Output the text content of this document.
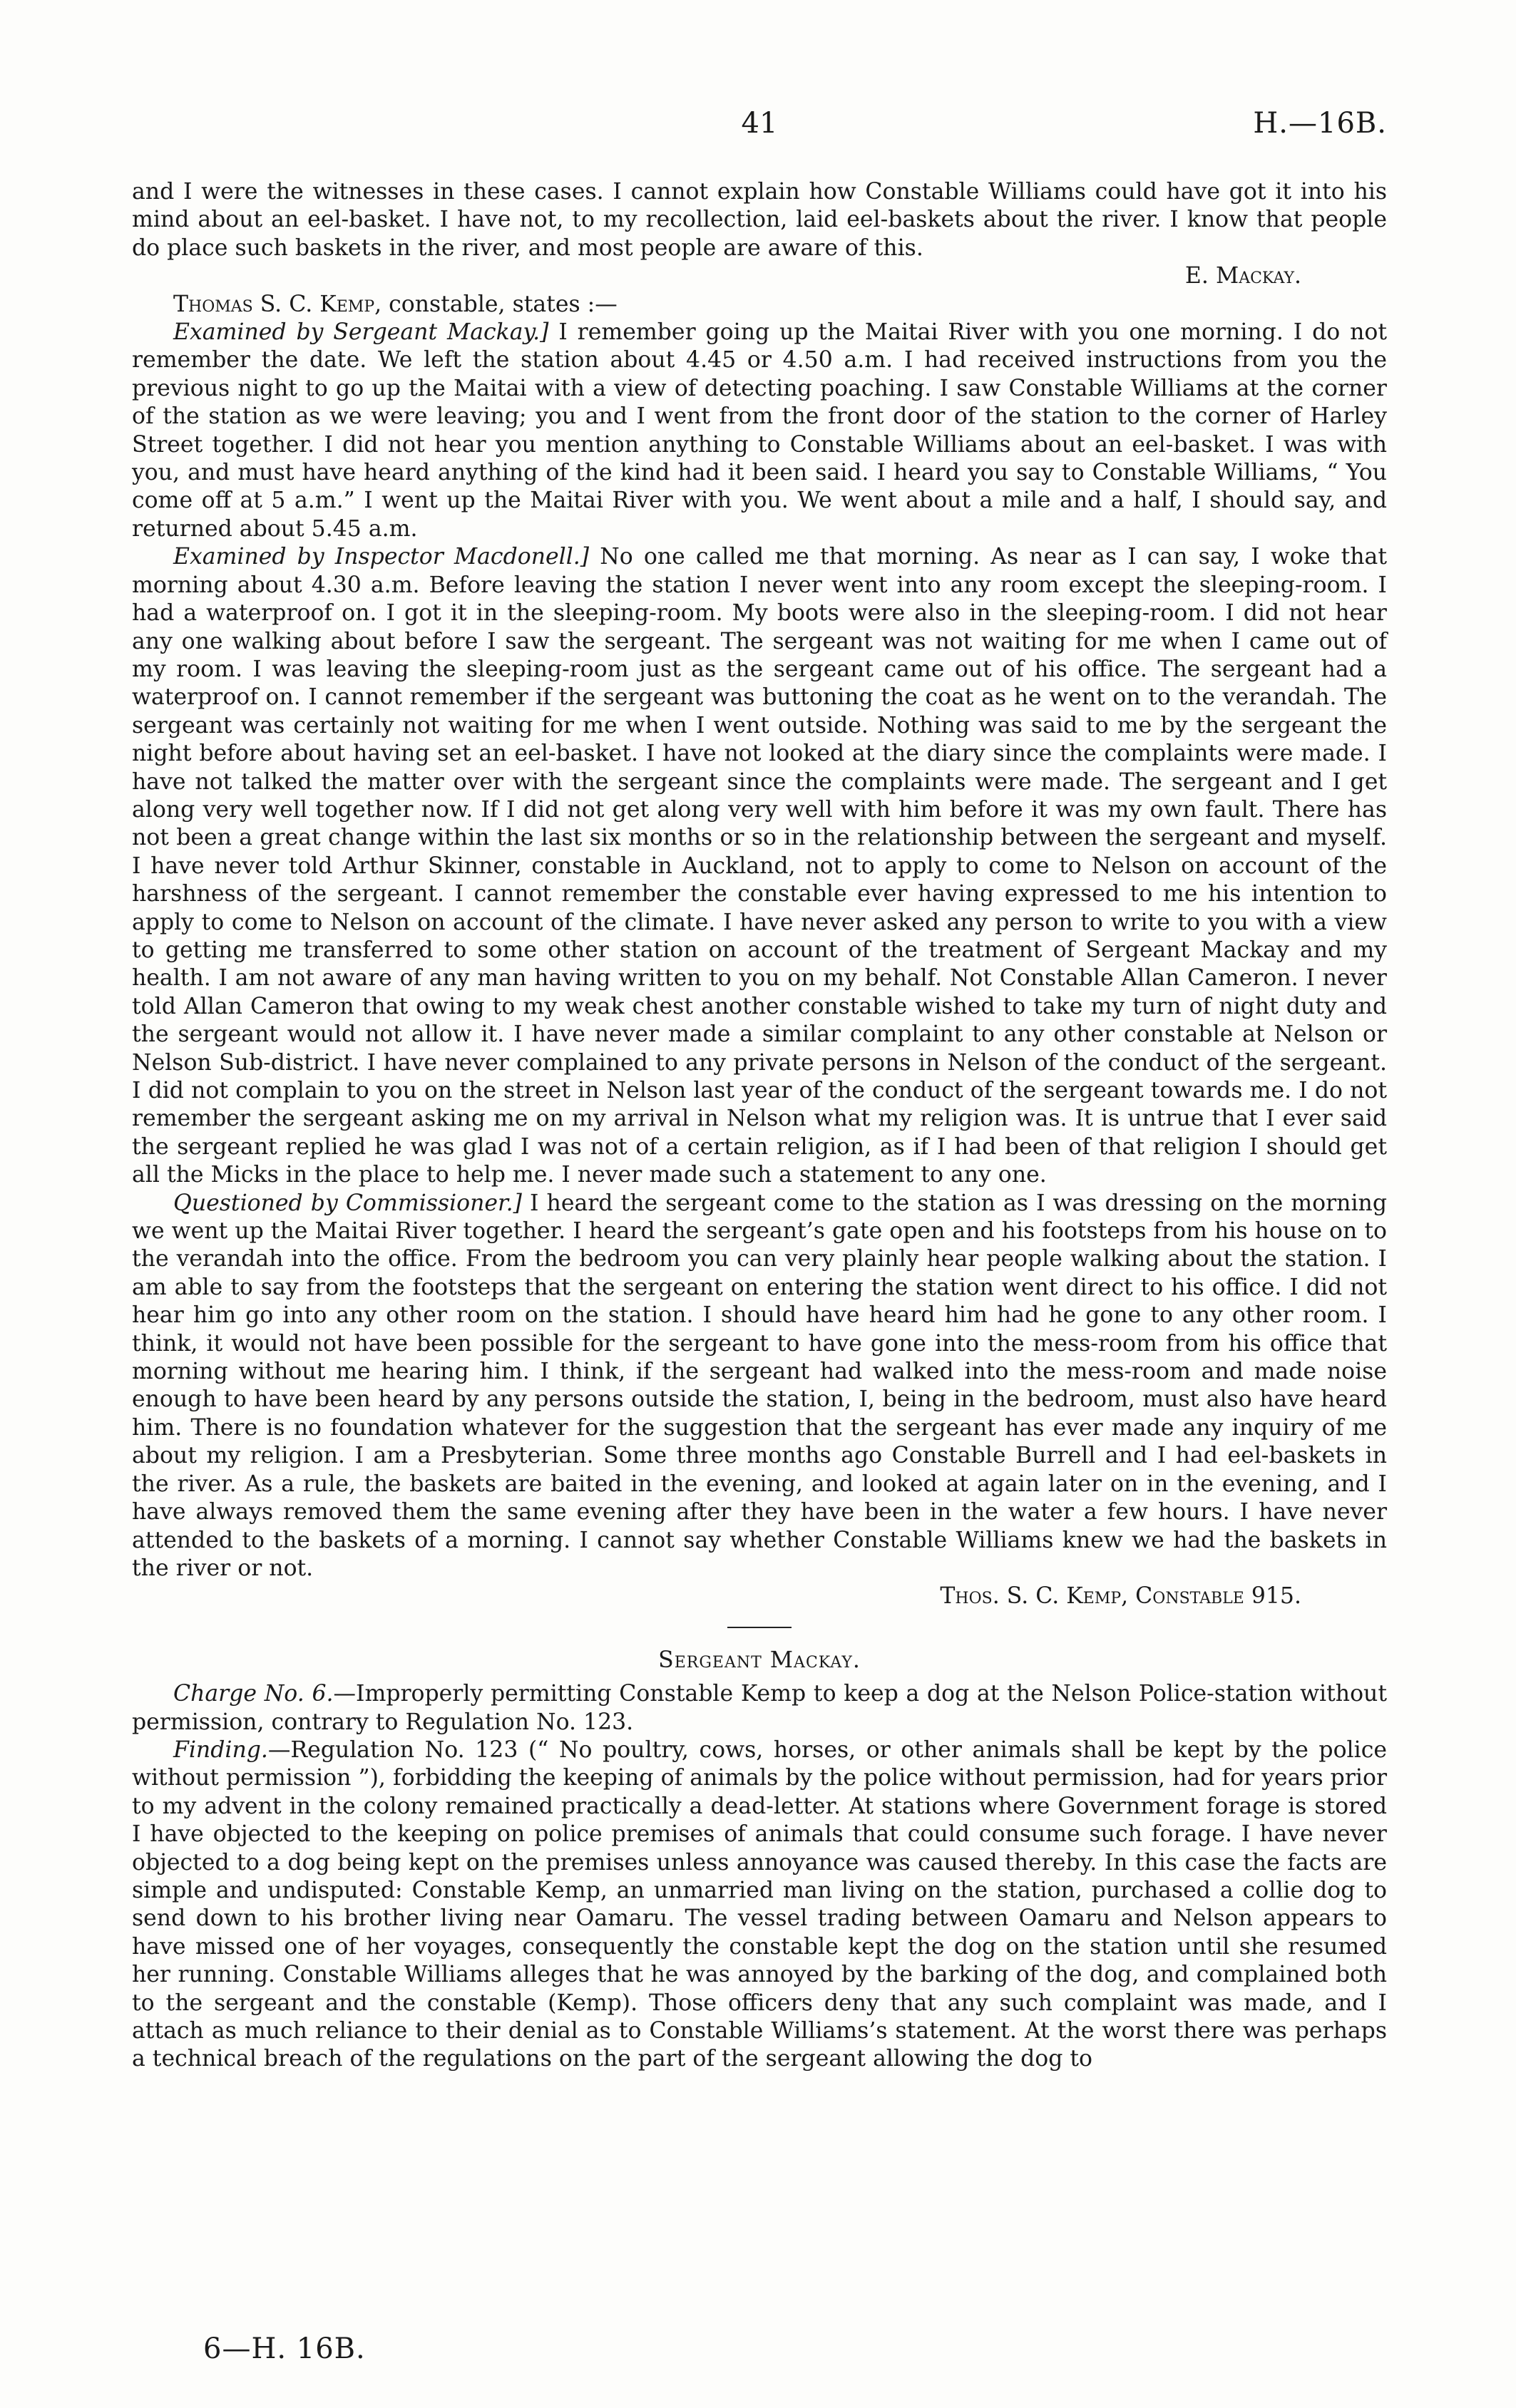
41	H.—16B.

and I were the witnesses in these cases. I cannot explain how Constable Williams could have got it into his mind about an eel-basket. I have not, to my recollection, laid eel-baskets about the river. I know that people do place such baskets in the river, and most people are aware of this.

E. Mackay.

Thomas S. C. Kemp, constable, states :—

Examined by Sergeant Mackay.] I remember going up the Maitai River with you one morning. I do not remember the date. We left the station about 4.45 or 4.50 a.m. I had received instructions from you the previous night to go up the Maitai with a view of detecting poaching. I saw Constable Williams at the corner of the station as we were leaving; you and I went from the front door of the station to the corner of Harley Street together. I did not hear you mention anything to Constable Williams about an eel-basket. I was with you, and must have heard anything of the kind had it been said. I heard you say to Constable Williams, “ You come off at 5 a.m.” I went up the Maitai River with you. We went about a mile and a half, I should say, and returned about 5.45 a.m.

Examined by Inspector Macdonell.] No one called me that morning. As near as I can say, I woke that morning about 4.30 a.m. Before leaving the station I never went into any room except the sleeping-room. I had a waterproof on. I got it in the sleeping-room. My boots were also in the sleeping-room. I did not hear any one walking about before I saw the sergeant. The sergeant was not waiting for me when I came out of my room. I was leaving the sleeping-room just as the sergeant came out of his office. The sergeant had a waterproof on. I cannot remember if the sergeant was buttoning the coat as he went on to the verandah. The sergeant was certainly not waiting for me when I went outside. Nothing was said to me by the sergeant the night before about having set an eel-basket. I have not looked at the diary since the complaints were made. I have not talked the matter over with the sergeant since the complaints were made. The sergeant and I get along very well together now. If I did not get along very well with him before it was my own fault. There has not been a great change within the last six months or so in the relationship between the sergeant and myself. I have never told Arthur Skinner, constable in Auckland, not to apply to come to Nelson on account of the harshness of the sergeant. I cannot remember the constable ever having expressed to me his intention to apply to come to Nelson on account of the climate. I have never asked any person to write to you with a view to getting me transferred to some other station on account of the treatment of Sergeant Mackay and my health. I am not aware of any man having written to you on my behalf. Not Constable Allan Cameron. I never told Allan Cameron that owing to my weak chest another constable wished to take my turn of night duty and the sergeant would not allow it. I have never made a similar complaint to any other constable at Nelson or Nelson Sub-district. I have never complained to any private persons in Nelson of the conduct of the sergeant. I did not complain to you on the street in Nelson last year of the conduct of the sergeant towards me. I do not remember the sergeant asking me on my arrival in Nelson what my religion was. It is untrue that I ever said the sergeant replied he was glad I was not of a certain religion, as if I had been of that religion I should get all the Micks in the place to help me. I never made such a statement to any one.

Questioned by Commissioner.] I heard the sergeant come to the station as I was dressing on the morning we went up the Maitai River together. I heard the sergeant’s gate open and his footsteps from his house on to the verandah into the office. From the bedroom you can very plainly hear people walking about the station. I am able to say from the footsteps that the sergeant on entering the station went direct to his office. I did not hear him go into any other room on the station. I should have heard him had he gone to any other room. I think, it would not have been possible for the sergeant to have gone into the mess-room from his office that morning without me hearing him. I think, if the sergeant had walked into the mess-room and made noise enough to have been heard by any persons outside the station, I, being in the bedroom, must also have heard him. There is no foundation whatever for the suggestion that the sergeant has ever made any inquiry of me about my religion. I am a Presbyterian. Some three months ago Constable Burrell and I had eel-baskets in the river. As a rule, the baskets are baited in the evening, and looked at again later on in the evening, and I have always removed them the same evening after they have been in the water a few hours. I have never attended to the baskets of a morning. I cannot say whether Constable Williams knew we had the baskets in the river or not.

Thos. S. C. Kemp, Constable 915.

Sergeant Mackay.

Charge No. 6.—Improperly permitting Constable Kemp to keep a dog at the Nelson Police-station without permission, contrary to Regulation No. 123.

Finding.—Regulation No. 123 (“ No poultry, cows, horses, or other animals shall be kept by the police without permission ”), forbidding the keeping of animals by the police without permission, had for years prior to my advent in the colony remained practically a dead-letter. At stations where Government forage is stored I have objected to the keeping on police premises of animals that could consume such forage. I have never objected to a dog being kept on the premises unless annoyance was caused thereby. In this case the facts are simple and undisputed: Constable Kemp, an unmarried man living on the station, purchased a collie dog to send down to his brother living near Oamaru. The vessel trading between Oamaru and Nelson appears to have missed one of her voyages, consequently the constable kept the dog on the station until she resumed her running. Constable Williams alleges that he was annoyed by the barking of the dog, and complained both to the sergeant and the constable (Kemp). Those officers deny that any such complaint was made, and I attach as much reliance to their denial as to Constable Williams’s statement. At the worst there was perhaps a technical breach of the regulations on the part of the sergeant allowing the dog to

6—H. 16B.
